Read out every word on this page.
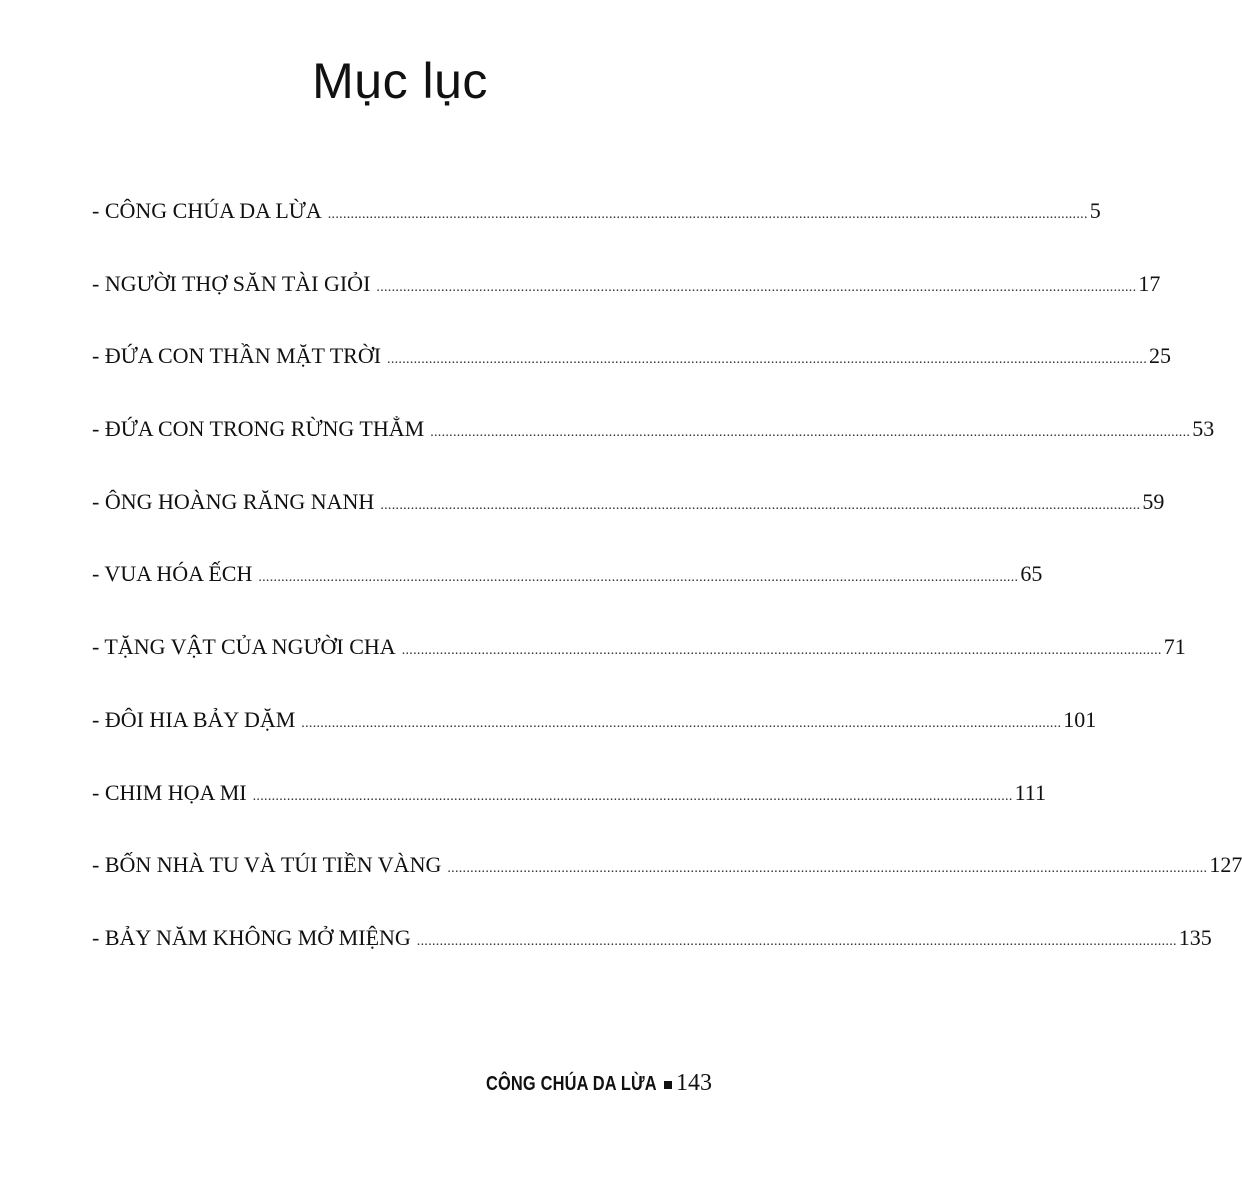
Mục lục
- CÔNG CHÚA DA LỪA ........................................................................................................................................................................................................ 5
- NGƯỜI THỢ SĂN TÀI GIỎI ........................................................................................................................................................................................................ 17
- ĐỨA CON THẦN MẶT TRỜI ........................................................................................................................................................................................................ 25
- ĐỨA CON TRONG RỪNG THẲM ........................................................................................................................................................................................................ 53
- ÔNG HOÀNG RĂNG NANH ........................................................................................................................................................................................................ 59
- VUA HÓA ẾCH ........................................................................................................................................................................................................ 65
- TẶNG VẬT CỦA NGƯỜI CHA ........................................................................................................................................................................................................ 71
- ĐÔI HIA BẢY DẶM ........................................................................................................................................................................................................ 101
- CHIM HỌA MI ........................................................................................................................................................................................................ 111
- BỐN NHÀ TU VÀ TÚI TIỀN VÀNG ........................................................................................................................................................................................................ 127
- BẢY NĂM KHÔNG MỞ MIỆNG ........................................................................................................................................................................................................ 135
CÔNG CHÚA DA LỪA 143
